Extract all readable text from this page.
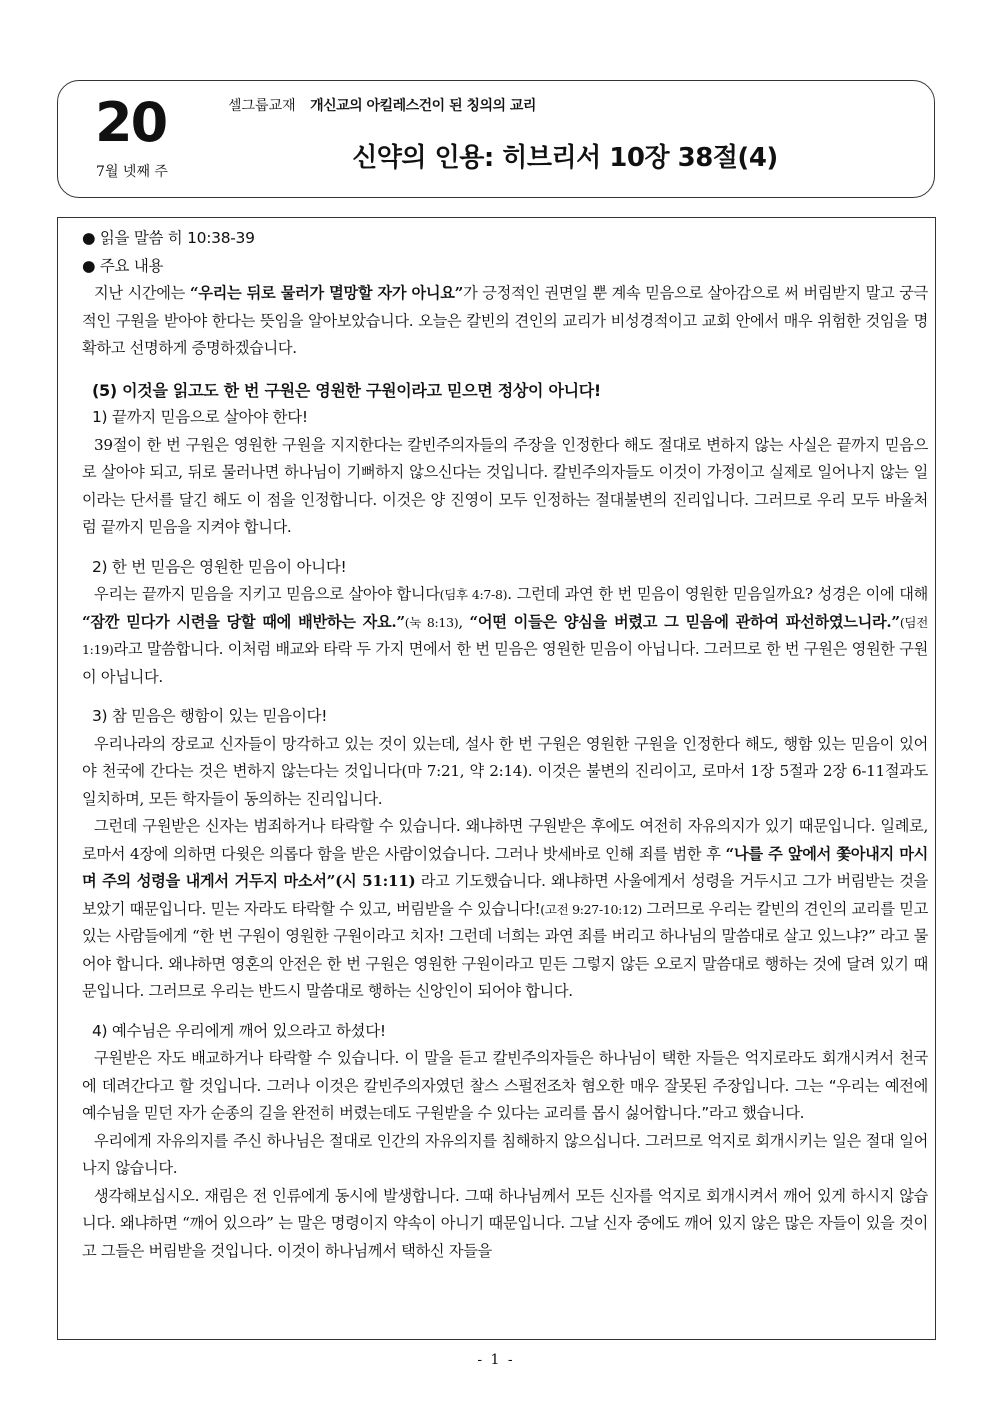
20
7월 넷째 주
셀그룹교재 개신교의 아킬레스건이 된 칭의의 교리
신약의 인용: 히브리서 10장 38절(4)
● 읽을 말씀 히 10:38-39
● 주요 내용

지난 시간에는 “우리는 뒤로 물러가 멸망할 자가 아니요”가 긍정적인 권면일 뿐 계속 믿음으로 살아감으로 써 버림받지 말고 궁극적인 구원을 받아야 한다는 뜻임을 알아보았습니다. 오늘은 칼빈의 견인의 교리가 비성경적이고 교회 안에서 매우 위험한 것임을 명확하고 선명하게 증명하겠습니다.

(5) 이것을 읽고도 한 번 구원은 영원한 구원이라고 믿으면 정상이 아니다!
1) 끝까지 믿음으로 살아야 한다!

39절이 한 번 구원은 영원한 구원을 지지한다는 칼빈주의자들의 주장을 인정한다 해도 절대로 변하지 않는 사실은 끝까지 믿음으로 살아야 되고, 뒤로 물러나면 하나님이 기뻐하지 않으신다는 것입니다. 칼빈주의자들도 이것이 가정이고 실제로 일어나지 않는 일이라는 단서를 달긴 해도 이 점을 인정합니다. 이것은 양 진영이 모두 인정하는 절대불변의 진리입니다. 그러므로 우리 모두 바울처럼 끝까지 믿음을 지켜야 합니다.

2) 한 번 믿음은 영원한 믿음이 아니다!

우리는 끝까지 믿음을 지키고 믿음으로 살아야 합니다(딤후 4:7-8). 그런데 과연 한 번 믿음이 영원한 믿음일까요? 성경은 이에 대해 “잠깐 믿다가 시련을 당할 때에 배반하는 자요.”(눅 8:13), “어떤 이들은 양심을 버렸고 그 믿음에 관하여 파선하였느니라.”(딤전 1:19)라고 말씀합니다. 이처럼 배교와 타락 두 가지 면에서 한 번 믿음은 영원한 믿음이 아닙니다. 그러므로 한 번 구원은 영원한 구원이 아닙니다.

3) 참 믿음은 행함이 있는 믿음이다!

우리나라의 장로교 신자들이 망각하고 있는 것이 있는데, 설사 한 번 구원은 영원한 구원을 인정한다 해도, 행함 있는 믿음이 있어야 천국에 간다는 것은 변하지 않는다는 것입니다(마 7:21, 약 2:14). 이것은 불변의 진리이고, 로마서 1장 5절과 2장 6-11절과도 일치하며, 모든 학자들이 동의하는 진리입니다.

그런데 구원받은 신자는 범죄하거나 타락할 수 있습니다. 왜냐하면 구원받은 후에도 여전히 자유의지가 있기 때문입니다. 일례로, 로마서 4장에 의하면 다윗은 의롭다 함을 받은 사람이었습니다. 그러나 밧세바로 인해 죄를 범한 후 “나를 주 앞에서 쫓아내지 마시며 주의 성령을 내게서 거두지 마소서”(시 51:11) 라고 기도했습니다. 왜냐하면 사울에게서 성령을 거두시고 그가 버림받는 것을 보았기 때문입니다. 믿는 자라도 타락할 수 있고, 버림받을 수 있습니다!(고전 9:27-10:12) 그러므로 우리는 칼빈의 견인의 교리를 믿고 있는 사람들에게 “한 번 구원이 영원한 구원이라고 치자! 그런데 너희는 과연 죄를 버리고 하나님의 말씀대로 살고 있느냐?” 라고 물어야 합니다. 왜냐하면 영혼의 안전은 한 번 구원은 영원한 구원이라고 믿든 그렇지 않든 오로지 말씀대로 행하는 것에 달려 있기 때문입니다. 그러므로 우리는 반드시 말씀대로 행하는 신앙인이 되어야 합니다.

4) 예수님은 우리에게 깨어 있으라고 하셨다!

구원받은 자도 배교하거나 타락할 수 있습니다. 이 말을 듣고 칼빈주의자들은 하나님이 택한 자들은 억지로라도 회개시켜서 천국에 데려간다고 할 것입니다. 그러나 이것은 칼빈주의자였던 찰스 스펄전조차 혐오한 매우 잘못된 주장입니다. 그는 “우리는 예전에 예수님을 믿던 자가 순종의 길을 완전히 버렸는데도 구원받을 수 있다는 교리를 몹시 싫어합니다.”라고 했습니다.

우리에게 자유의지를 주신 하나님은 절대로 인간의 자유의지를 침해하지 않으십니다. 그러므로 억지로 회개시키는 일은 절대 일어나지 않습니다.

생각해보십시오. 재림은 전 인류에게 동시에 발생합니다. 그때 하나님께서 모든 신자를 억지로 회개시켜서 깨어 있게 하시지 않습니다. 왜냐하면 “깨어 있으라” 는 말은 명령이지 약속이 아니기 때문입니다. 그날 신자 중에도 깨어 있지 않은 많은 자들이 있을 것이고 그들은 버림받을 것입니다. 이것이 하나님께서 택하신 자들을

- 1 -
